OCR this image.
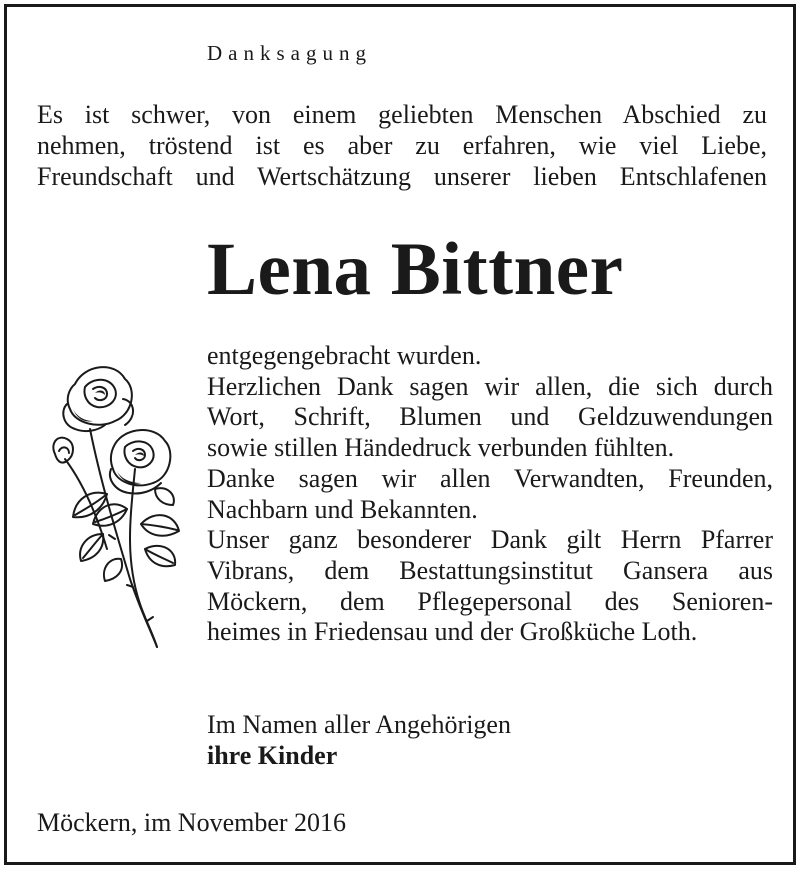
Danksagung
Es ist schwer, von einem geliebten Menschen Abschied zu
nehmen, tröstend ist es aber zu erfahren, wie viel Liebe,
Freundschaft und Wertschätzung unserer lieben Entschlafenen
Lena Bittner
entgegengebracht wurden.
Herzlichen Dank sagen wir allen, die sich durch
Wort, Schrift, Blumen und Geldzuwendungen
sowie stillen Händedruck verbunden fühlten.
Danke sagen wir allen Verwandten, Freunden,
Nachbarn und Bekannten.
Unser ganz besonderer Dank gilt Herrn Pfarrer
Vibrans, dem Bestattungsinstitut Gansera aus
Möckern, dem Pflegepersonal des Senioren-
heimes in Friedensau und der Großküche Loth.
Im Namen aller Angehörigen
ihre Kinder
Möckern, im November 2016
